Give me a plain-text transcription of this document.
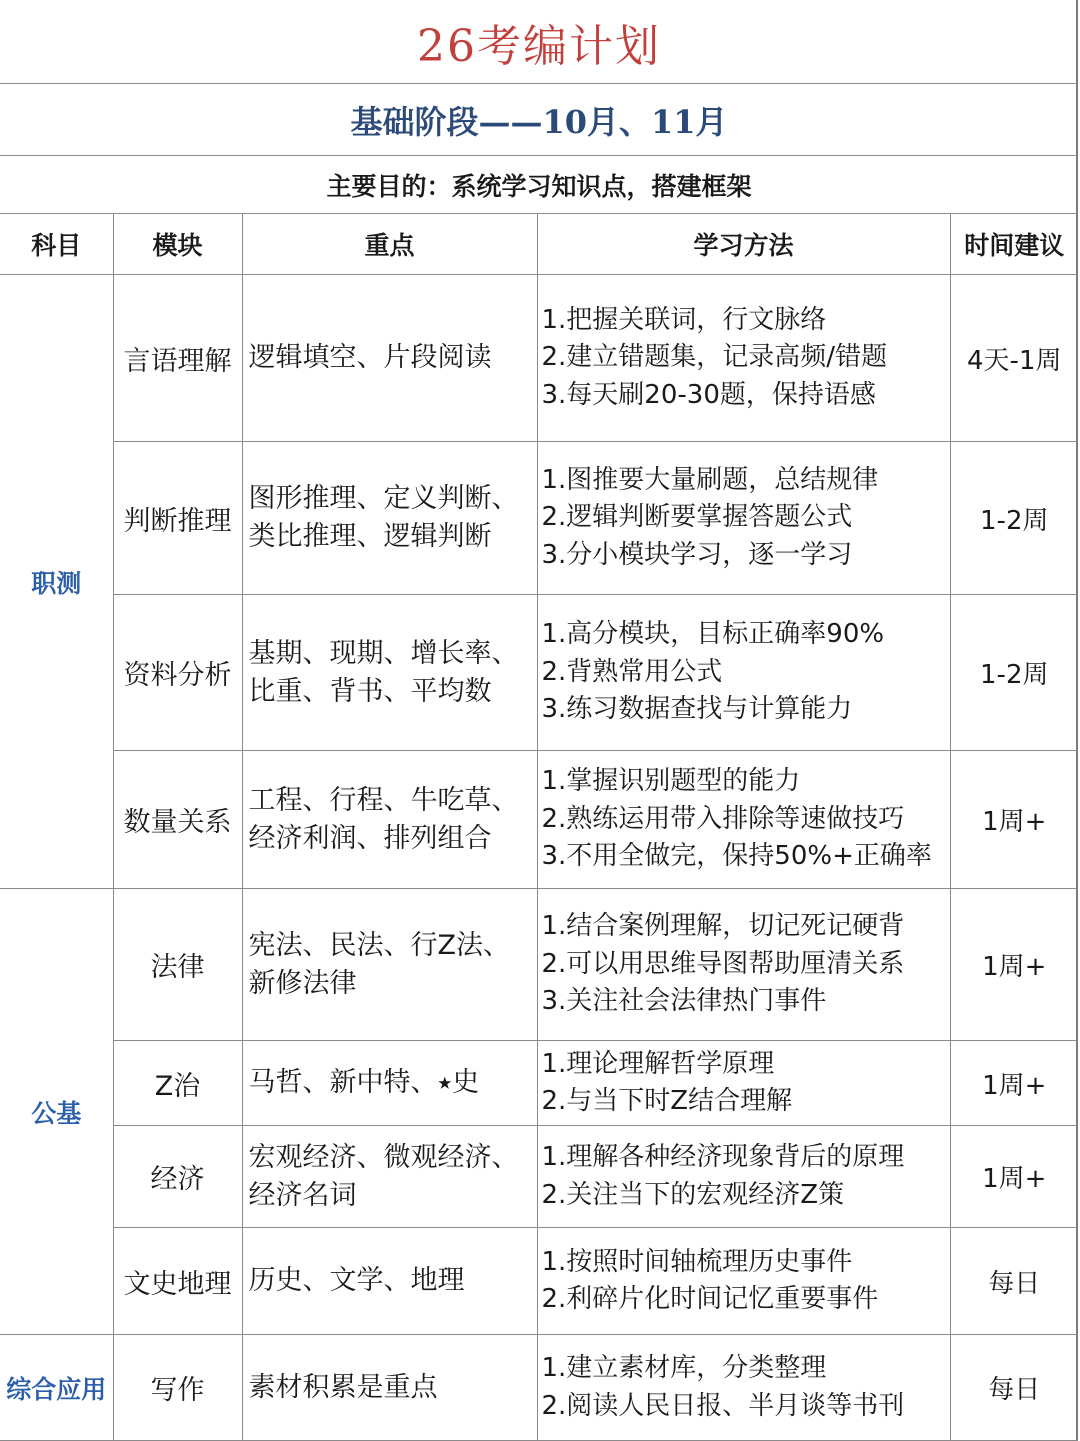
26考编计划
基础阶段——10月、11月
主要目的：系统学习知识点，搭建框架
科目	模块	重点	学习方法	时间建议
职测	言语理解	逻辑填空、片段阅读	1.把握关联词，行文脉络
2.建立错题集，记录高频/错题
3.每天刷20-30题，保持语感	4天-1周
	判断推理	图形推理、定义判断、
类比推理、逻辑判断	1.图推要大量刷题，总结规律
2.逻辑判断要掌握答题公式
3.分小模块学习，逐一学习	1-2周
	资料分析	基期、现期、增长率、
比重、背书、平均数	1.高分模块，目标正确率90%
2.背熟常用公式
3.练习数据查找与计算能力	1-2周
	数量关系	工程、行程、牛吃草、
经济利润、排列组合	1.掌握识别题型的能力
2.熟练运用带入排除等速做技巧
3.不用全做完，保持50%+正确率	1周+
公基	法律	宪法、民法、行Z法、
新修法律	1.结合案例理解，切记死记硬背
2.可以用思维导图帮助厘清关系
3.关注社会法律热门事件	1周+
	Z治	马哲、新中特、⭑史	1.理论理解哲学原理
2.与当下时Z结合理解	1周+
	经济	宏观经济、微观经济、
经济名词	1.理解各种经济现象背后的原理
2.关注当下的宏观经济Z策	1周+
	文史地理	历史、文学、地理	1.按照时间轴梳理历史事件
2.利碎片化时间记忆重要事件	每日
综合应用	写作	素材积累是重点	1.建立素材库，分类整理
2.阅读人民日报、半月谈等书刊	每日
